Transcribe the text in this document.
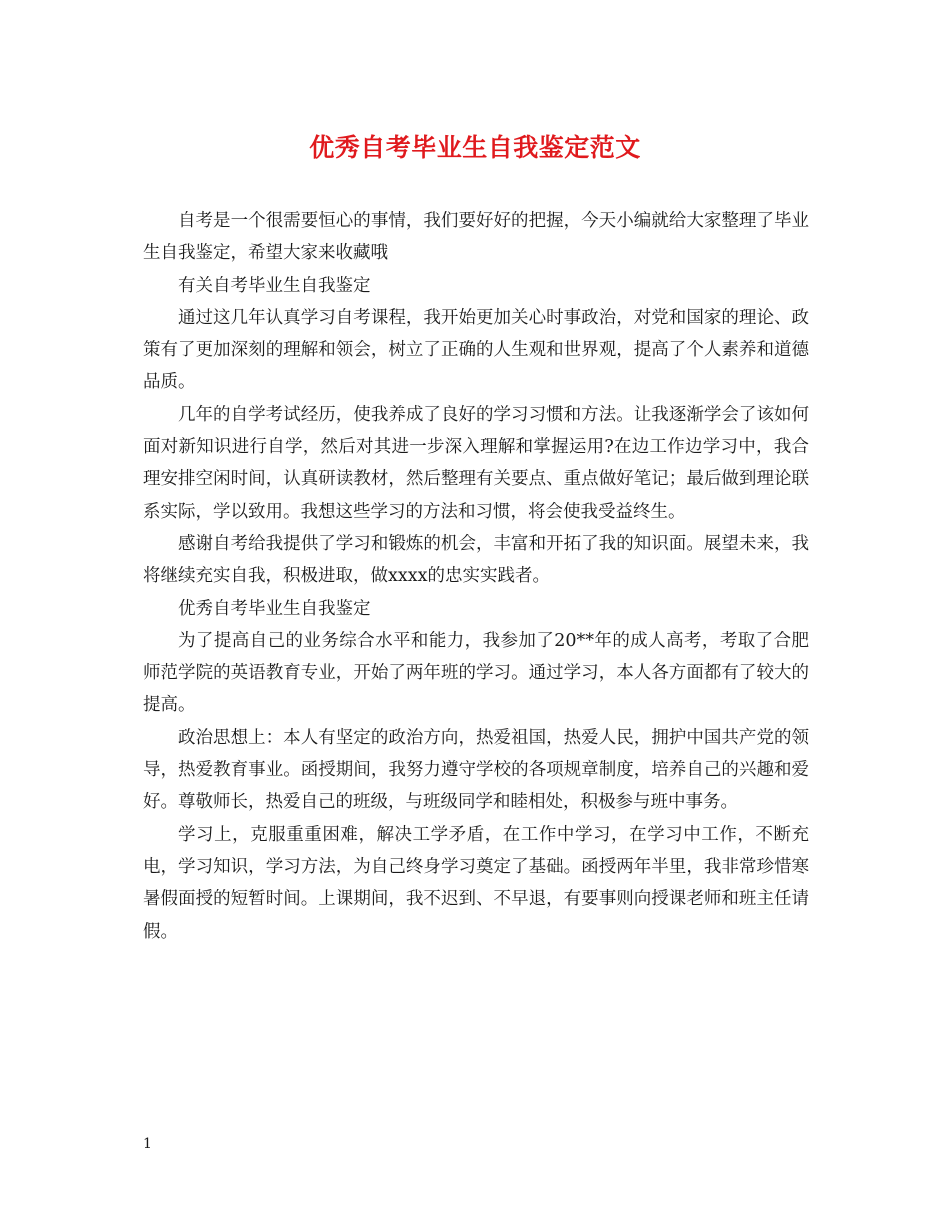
优秀自考毕业生自我鉴定范文

自考是一个很需要恒心的事情，我们要好好的把握，今天小编就给大家整理了毕业生自我鉴定，希望大家来收藏哦

有关自考毕业生自我鉴定

通过这几年认真学习自考课程，我开始更加关心时事政治，对党和国家的理论、政策有了更加深刻的理解和领会，树立了正确的人生观和世界观，提高了个人素养和道德品质。

几年的自学考试经历，使我养成了良好的学习习惯和方法。让我逐渐学会了该如何面对新知识进行自学，然后对其进一步深入理解和掌握运用?在边工作边学习中，我合理安排空闲时间，认真研读教材，然后整理有关要点、重点做好笔记；最后做到理论联系实际，学以致用。我想这些学习的方法和习惯，将会使我受益终生。

感谢自考给我提供了学习和锻炼的机会，丰富和开拓了我的知识面。展望未来，我将继续充实自我，积极进取，做xxxx的忠实实践者。

优秀自考毕业生自我鉴定

为了提高自己的业务综合水平和能力，我参加了20**年的成人高考，考取了合肥师范学院的英语教育专业，开始了两年班的学习。通过学习，本人各方面都有了较大的提高。

政治思想上：本人有坚定的政治方向，热爱祖国，热爱人民，拥护中国共产党的领导，热爱教育事业。函授期间，我努力遵守学校的各项规章制度，培养自己的兴趣和爱好。尊敬师长，热爱自己的班级，与班级同学和睦相处，积极参与班中事务。

学习上，克服重重困难，解决工学矛盾，在工作中学习，在学习中工作，不断充电，学习知识，学习方法，为自己终身学习奠定了基础。函授两年半里，我非常珍惜寒暑假面授的短暂时间。上课期间，我不迟到、不早退，有要事则向授课老师和班主任请假。

1
